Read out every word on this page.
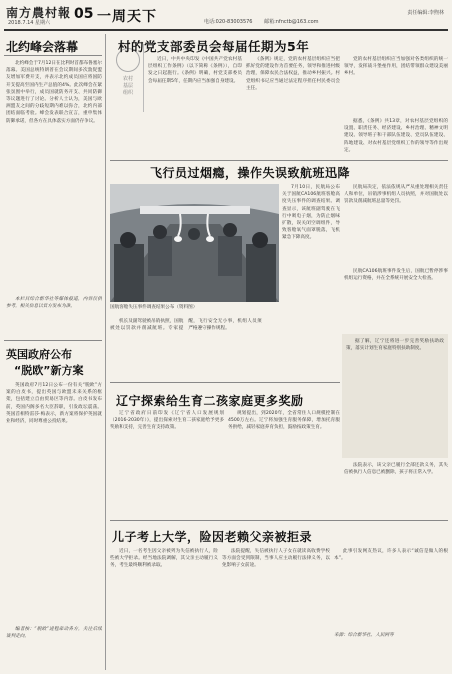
南方農村報
2018.7.14 星期六
05 一周天下	电话:020-83003576 邮箱:nfnctb@163.com
责任编辑:李煦林
北约峰会落幕

北约峰会于7月12日在比利时首都布鲁塞尔落幕。美国总统特朗普在会议期间多次敦促盟友增加军费开支，并表示北约成员国应将国防开支提高至国内生产总值的4%。此次峰会在紧张氛围中举行，成员国就防务开支、共同防御等议题进行了讨论。分析人士认为，美国与欧洲盟友之间的分歧短期内难以弥合，北约内部团结面临考验。峰会发表联合宣言，重申集体防御承诺，但各方在具体落实方面仍存争议。

本栏目综合新华社等媒体报道，内容仅供参考，相关信息以官方发布为准。

英国政府公布
“脱欧”新方案

英国政府7月12日公布一份有关“脱欧”方案的白皮书，提出英国与欧盟未来关系的框架，包括建立自由贸易区等内容。白皮书发布前，英国内阁多名大臣辞职，引发政坛震荡。英国首相特雷莎·梅表示，新方案将保护英国就业和经济，同时尊重公投结果。

编者按：“脱欧”进程牵动各方，关注后续谈判走向。

农村基层组织
村的党支部委员会每届任期为5年

近日，中共中央印发《中国共产党农村基层组织工作条例》（以下简称《条例》），自印发之日起施行。《条例》明确，村党支部委员会每届任期5年，任期内应当加强自身建设。

《条例》规定，党的农村基层组织应当把抓好党的建设作为首要任务，领导和推进村级治理，保障农民合法权益，推动乡村振兴。村党组织书记应当通过法定程序担任村民委员会主任。

党的农村基层组织应当加强对各类组织的统一领导，发挥战斗堡垒作用，团结带领群众建设美丽乡村。

据悉，《条例》共13章，对农村基层党组织的设置、职责任务、经济建设、乡村治理、精神文明建设、领导班子和干部队伍建设、党员队伍建设、阵地建设、对农村基层党组织工作的领导等作出规定。

飞行员过烟瘾，操作失误致航班迅降

7月10日，民航局公布关于国航CA106航班客舱高度失压事件的调查结果。调查显示，该航班副驾驶在飞行中吸电子烟，为防止烟味扩散，误关闭空调组件，导致客舱氧气面罩脱落，飞机紧急下降高度。

民航局决定，依法依规从严从重处理相关责任人和单位，吊销涉事机组人员执照，并对国航处以罚款及削减航班总量等处罚。

民航CA106航班事件发生后，国航已暂停涉事机组运行资格，并在全系统开展安全大检查。

国航客舱失压事件调查结果公布（资料图）

机长及副驾驶被吊销执照，国航被处以罚款并削减航班。专家提醒，飞行安全无小事，机组人员须严格遵守操作规程。

辽宁探索给生育二孩家庭更多奖励

辽宁省政府日前印发《辽宁省人口发展规划（2016-2030年）》，提出探索对生育二孩家庭给予更多奖励和支持，完善生育支持政策。

规划提出，到2020年，全省常住人口规模控制在4500万左右。辽宁将加强生育服务保障，增加托育服务供给，减轻家庭养育负担，鼓励按政策生育。

据了解，辽宁还将进一步完善奖励扶助政策，落实计划生育家庭特别扶助制度。

法院表示，该父亲已履行全部还款义务，其失信被执行人信息已被删除，孩子将正常入学。

儿子考上大学，险因老赖父亲被拒录

近日，一名考生因父亲被列为失信被执行人，险些被大学拒录。经当地法院调解，其父亲主动履行义务，考生最终顺利被录取。

法院提醒，失信被执行人子女在就读高收费学校等方面会受到限制，当事人应主动履行法律义务，以免影响子女前途。

此事引发网友热议，许多人表示“诚信是做人的根本”。

来源：综合新华社、人民网等
